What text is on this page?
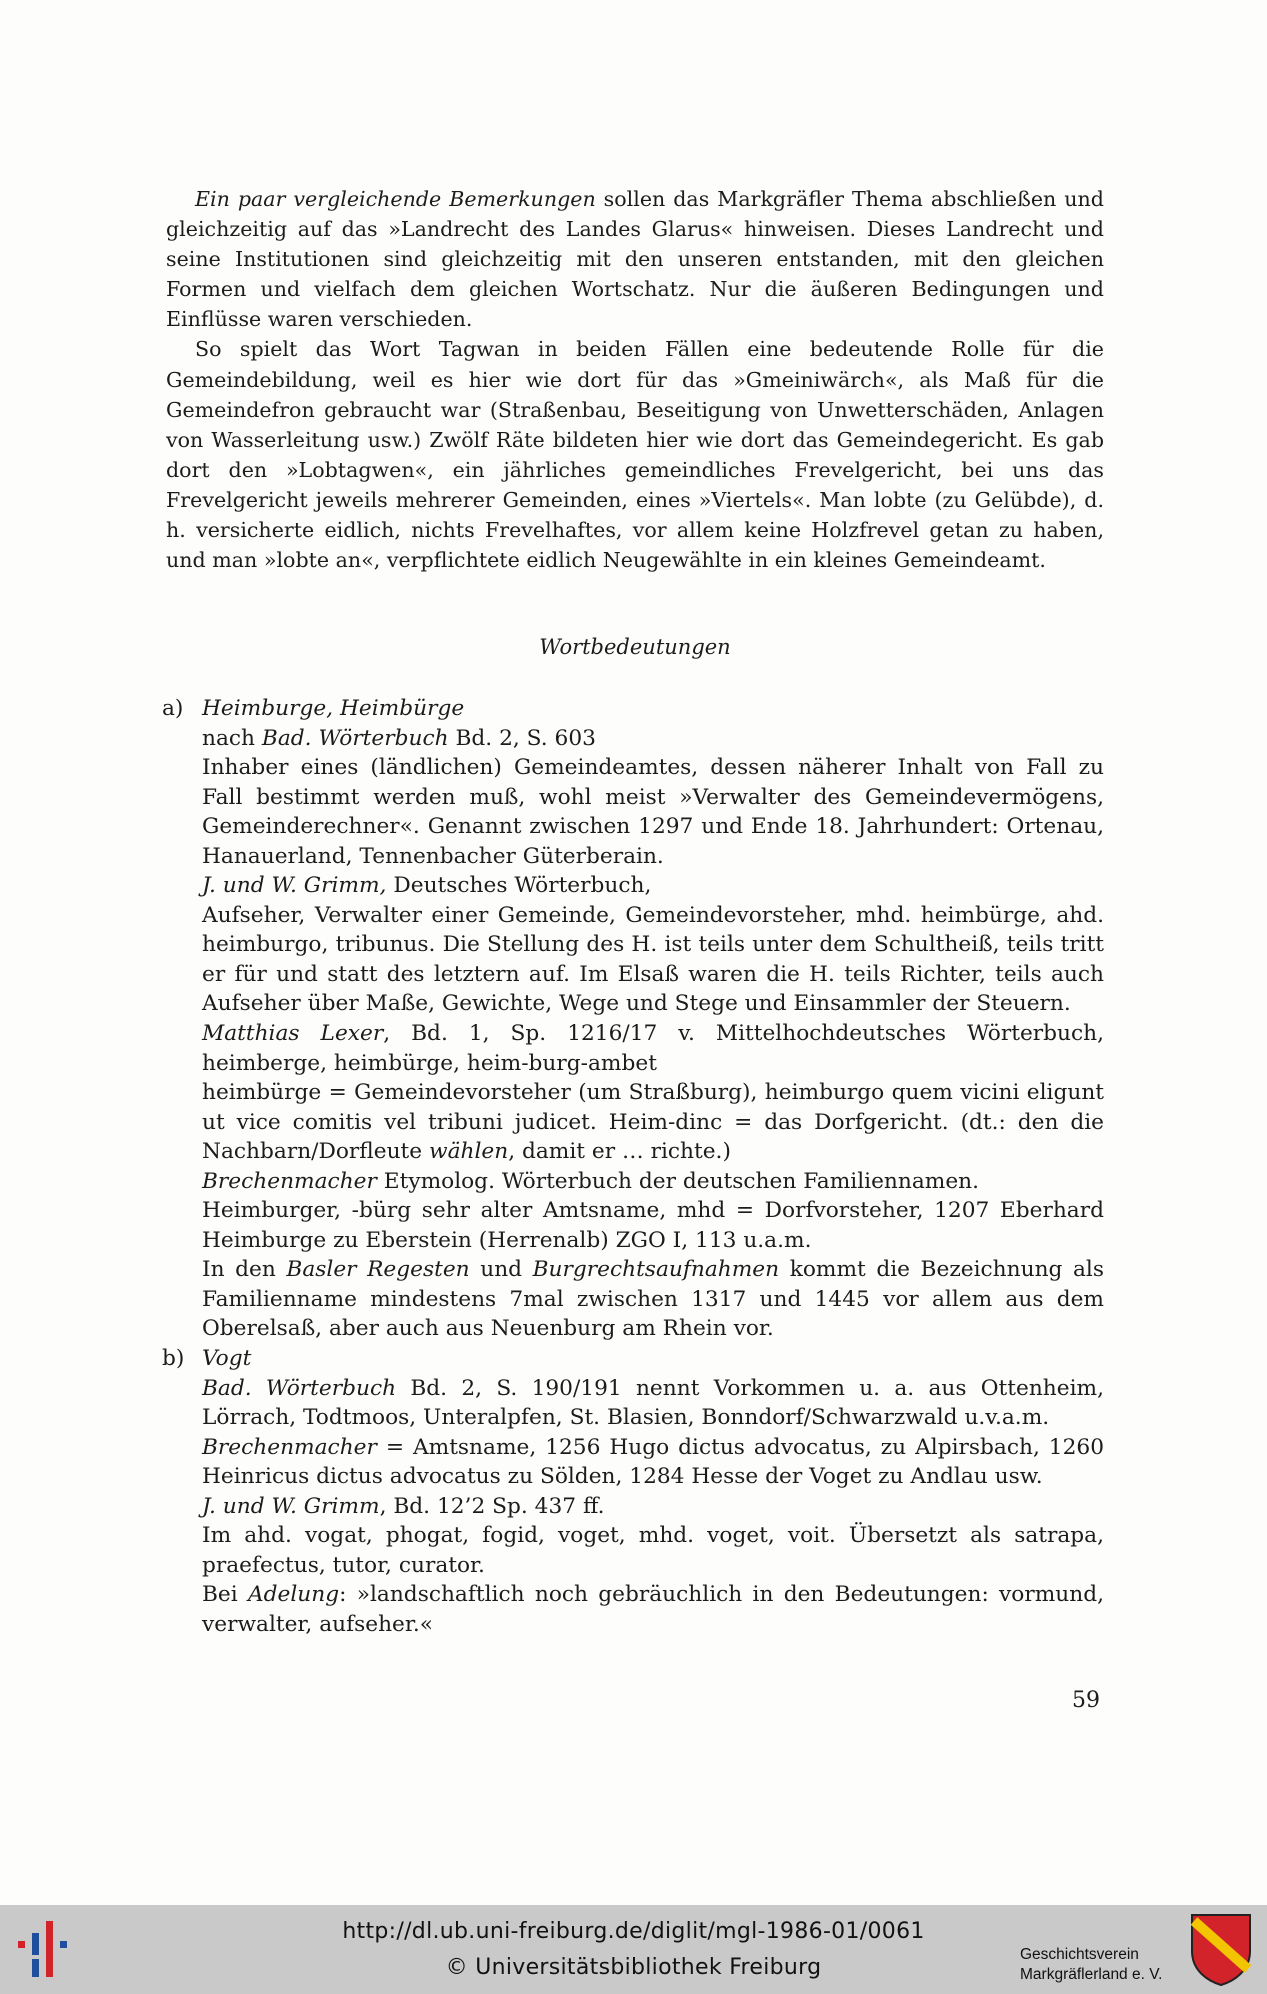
Ein paar vergleichende Bemerkungen sollen das Markgräfler Thema abschließen und gleichzeitig auf das »Landrecht des Landes Glarus« hinweisen. Dieses Landrecht und seine Institutionen sind gleichzeitig mit den unseren entstanden, mit den gleichen Formen und vielfach dem gleichen Wortschatz. Nur die äußeren Bedingungen und Einflüsse waren verschieden.

So spielt das Wort Tagwan in beiden Fällen eine bedeutende Rolle für die Gemeindebildung, weil es hier wie dort für das »Gmeiniwärch«, als Maß für die Gemeindefron gebraucht war (Straßenbau, Beseitigung von Unwetterschäden, Anlagen von Wasserleitung usw.) Zwölf Räte bildeten hier wie dort das Gemeindegericht. Es gab dort den »Lobtagwen«, ein jährliches gemeindliches Frevelgericht, bei uns das Frevelgericht jeweils mehrerer Gemeinden, eines »Viertels«. Man lobte (zu Gelübde), d. h. versicherte eidlich, nichts Frevelhaftes, vor allem keine Holzfrevel getan zu haben, und man »lobte an«, verpflichtete eidlich Neugewählte in ein kleines Gemeindeamt.

Wortbedeutungen
a) Heimburge, Heimbürge
nach Bad. Wörterbuch Bd. 2, S. 603
Inhaber eines (ländlichen) Gemeindeamtes, dessen näherer Inhalt von Fall zu Fall bestimmt werden muß, wohl meist »Verwalter des Gemeindevermögens, Gemeinderechner«. Genannt zwischen 1297 und Ende 18. Jahrhundert: Ortenau, Hanauerland, Tennenbacher Güterberain.
J. und W. Grimm, Deutsches Wörterbuch,
Aufseher, Verwalter einer Gemeinde, Gemeindevorsteher, mhd. heimbürge, ahd. heimburgo, tribunus. Die Stellung des H. ist teils unter dem Schultheiß, teils tritt er für und statt des letztern auf. Im Elsaß waren die H. teils Richter, teils auch Aufseher über Maße, Gewichte, Wege und Stege und Einsammler der Steuern.
Matthias Lexer, Bd. 1, Sp. 1216/17 v. Mittelhochdeutsches Wörterbuch, heimberge, heimbürge, heim-burg-ambet
heimbürge = Gemeindevorsteher (um Straßburg), heimburgo quem vicini eligunt ut vice comitis vel tribuni judicet. Heim-dinc = das Dorfgericht. (dt.: den die Nachbarn/Dorfleute wählen, damit er … richte.)
Brechenmacher Etymolog. Wörterbuch der deutschen Familiennamen.
Heimburger, -bürg sehr alter Amtsname, mhd = Dorfvorsteher, 1207 Eberhard Heimburge zu Eberstein (Herrenalb) ZGO I, 113 u.a.m.
In den Basler Regesten und Burgrechtsaufnahmen kommt die Bezeichnung als Familienname mindestens 7mal zwischen 1317 und 1445 vor allem aus dem Oberelsaß, aber auch aus Neuenburg am Rhein vor.
b) Vogt
Bad. Wörterbuch Bd. 2, S. 190/191 nennt Vorkommen u. a. aus Ottenheim, Lörrach, Todtmoos, Unteralpfen, St. Blasien, Bonndorf/Schwarzwald u.v.a.m.
Brechenmacher = Amtsname, 1256 Hugo dictus advocatus, zu Alpirsbach, 1260 Heinricus dictus advocatus zu Sölden, 1284 Hesse der Voget zu Andlau usw.
J. und W. Grimm, Bd. 12’2 Sp. 437 ff.
Im ahd. vogat, phogat, fogid, voget, mhd. voget, voit. Übersetzt als satrapa, praefectus, tutor, curator.
Bei Adelung: »landschaftlich noch gebräuchlich in den Bedeutungen: vormund, verwalter, aufseher.«
59
http://dl.ub.uni-freiburg.de/diglit/mgl-1986-01/0061
© Universitätsbibliothek Freiburg
Geschichtsverein
Markgräflerland e. V.
